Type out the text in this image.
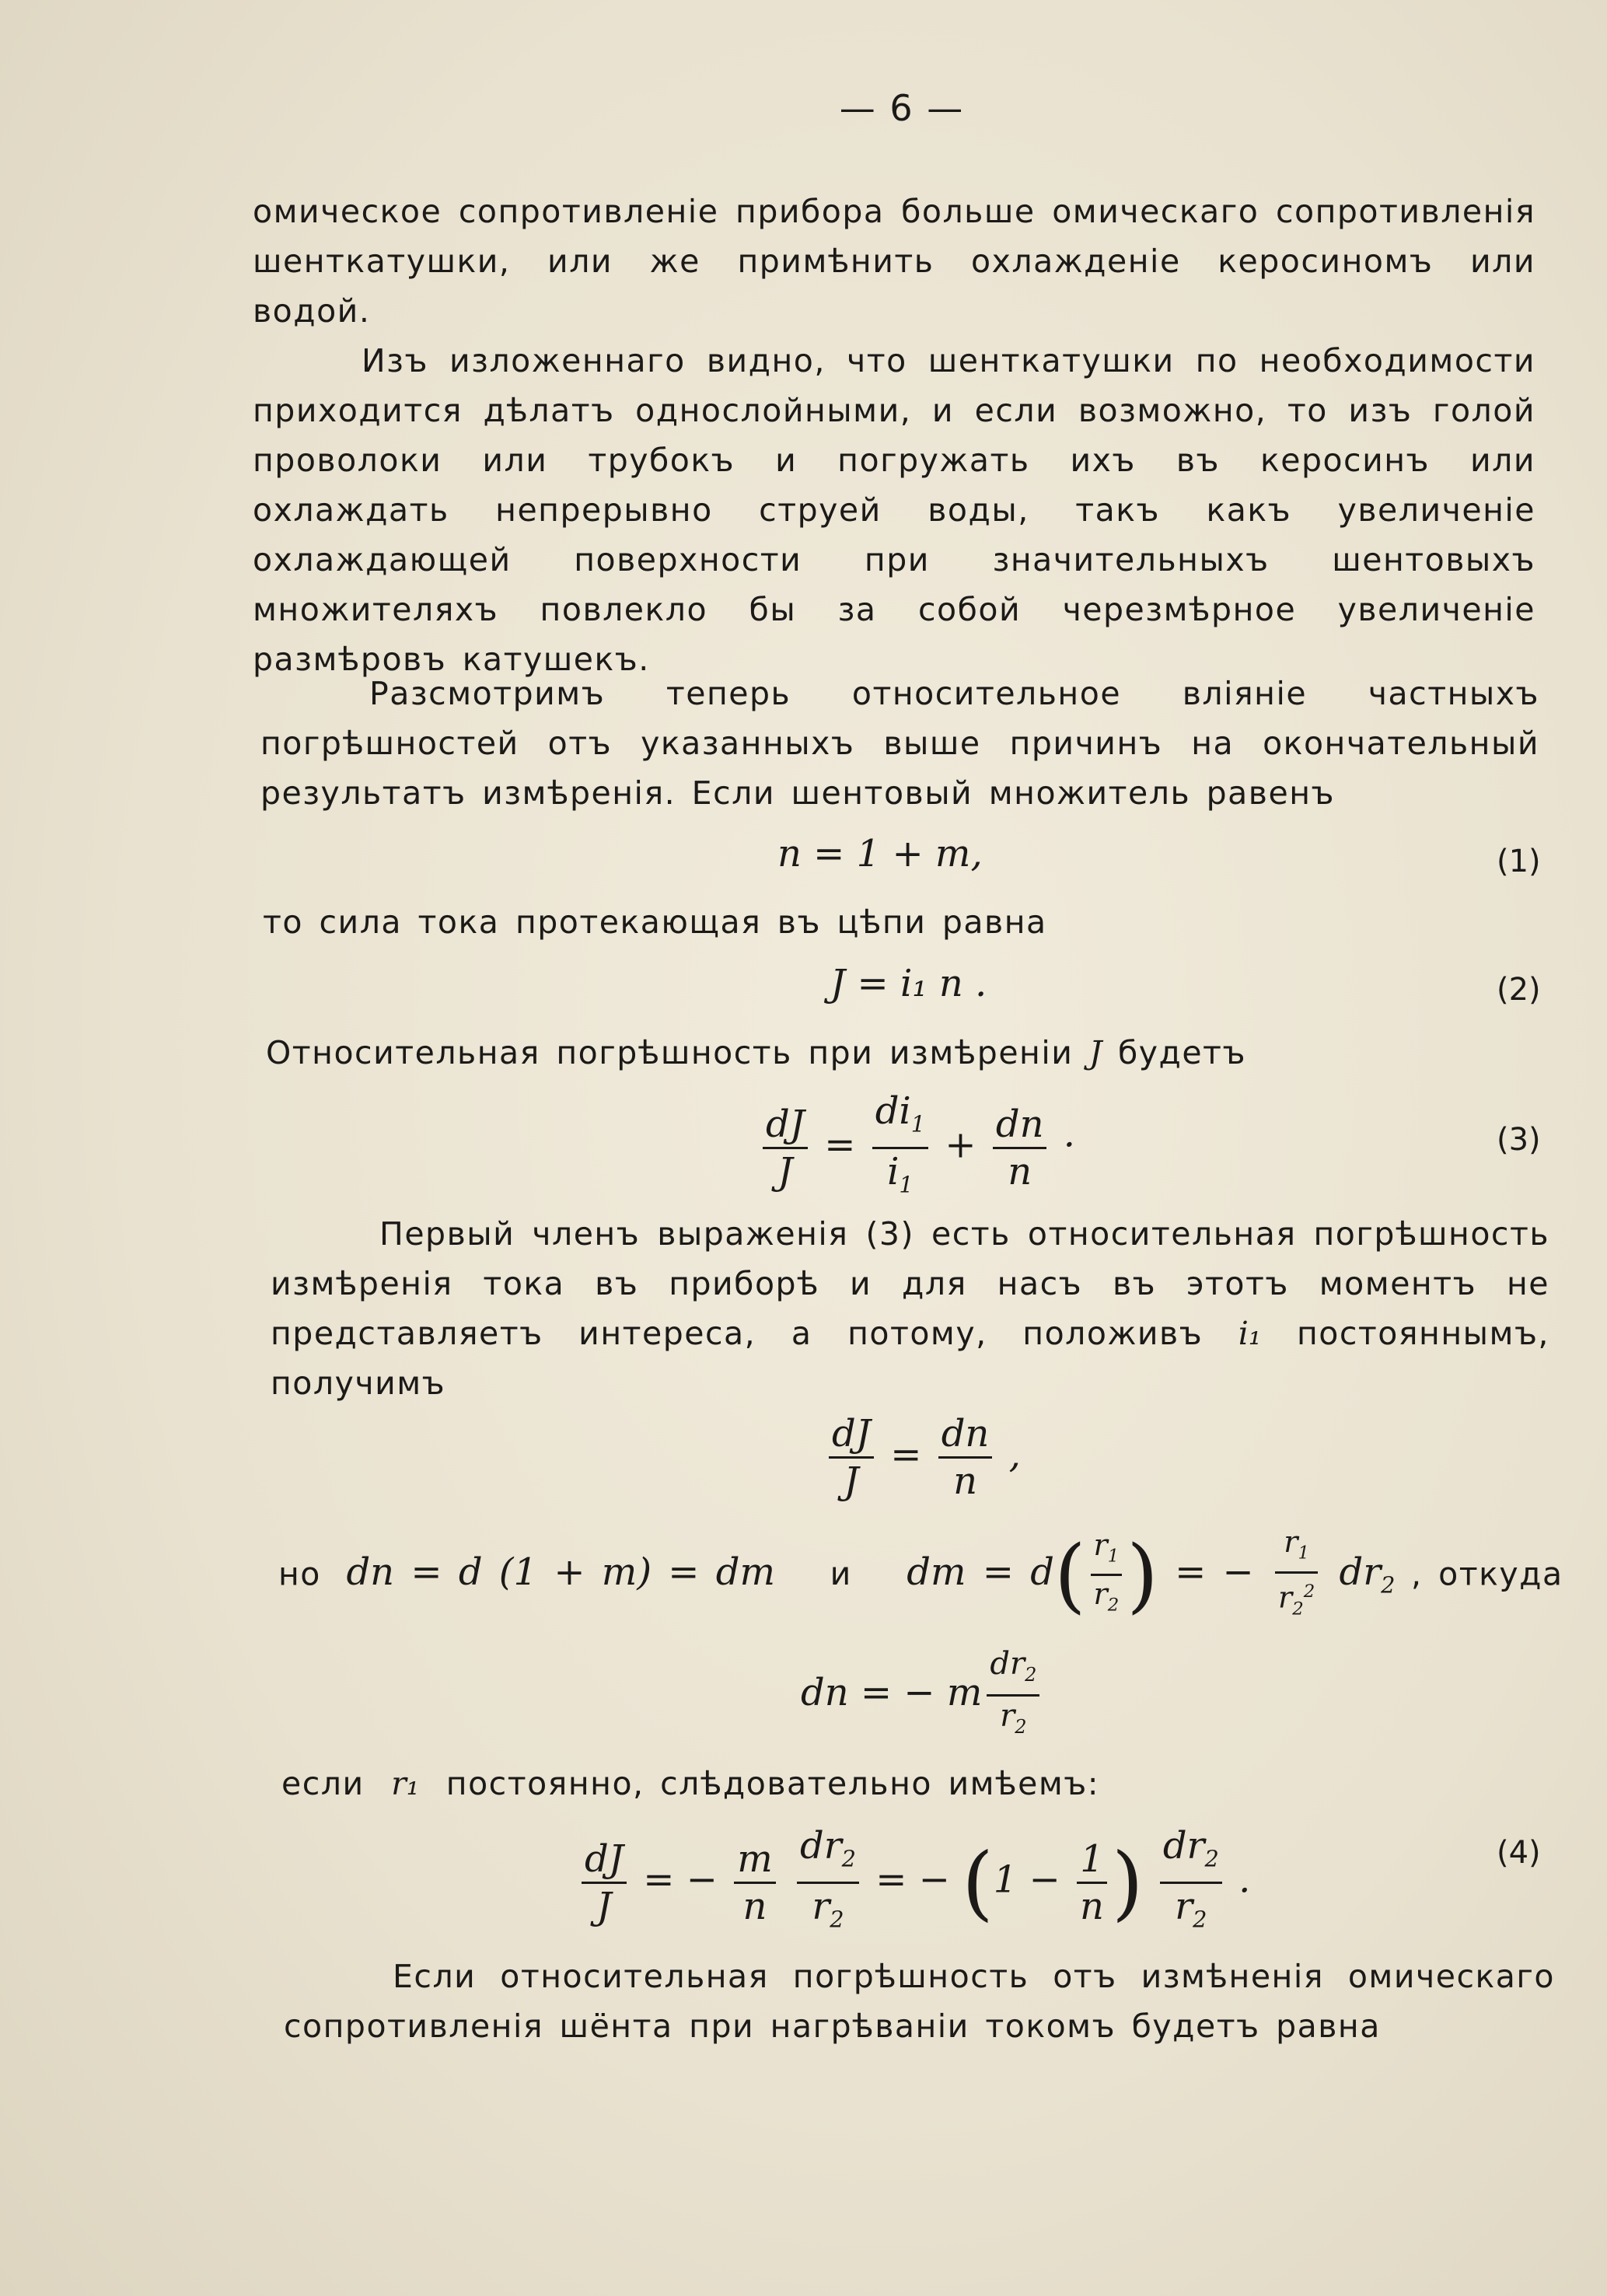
— 6 —
омическое сопротивленіе прибора больше омическаго сопротивленія шенткатушки, или же примѣнить охлажденіе керосиномъ или водой.
Изъ изложеннаго видно, что шенткатушки по необходимости приходится дѣлатъ однослойными, и если возможно, то изъ голой проволоки или трубокъ и погружать ихъ въ керосинъ или охлаждать непрерывно струей воды, такъ какъ увеличеніе охлаждающей поверхности при значительныхъ шентовыхъ множителяхъ повлекло бы за собой черезмѣрное увеличеніе размѣровъ катушекъ.
Разсмотримъ теперь относительное вліяніе частныхъ погрѣшностей отъ указанныхъ выше причинъ на окончательный результатъ измѣренія. Если шентовый множитель равенъ
n = 1 + m,	(1)
то сила тока протекающая въ цѣпи равна
J = i₁ n .	(2)
Относительная погрѣшность при измѣреніи J будетъ
$\frac{dJ}{J} = \frac{di_1}{i_1} + \frac{dn}{n}$ ·	(3)
Первый членъ выраженія (3) есть относительная погрѣшность измѣренія тока въ приборѣ и для насъ въ этотъ моментъ не представляетъ интереса, а потому, положивъ i₁ постояннымъ, получимъ
$\frac{dJ}{J} = \frac{dn}{n}$ ,
но dn = d (1 + m) = dm и dm = $d( \frac{r_1}{r_2}$ ) = − $\frac{r_1}{r_2^2} dr_2$ , откуда
dn = − m $\frac{dr_2}{r_2}$
если r₁ постоянно, слѣдовательно имѣемъ:
$\frac{dJ}{J}$ = − $\frac{m}{n}$
$\frac{dr_2}{r_2}$ = − ($1 - \frac{1}{n}$ ) $\frac{dr_2}{r_2}$ .
(4)
Если относительная погрѣшность отъ измѣненія омическаго сопротивленія шёнта при нагрѣваніи токомъ будетъ равна
